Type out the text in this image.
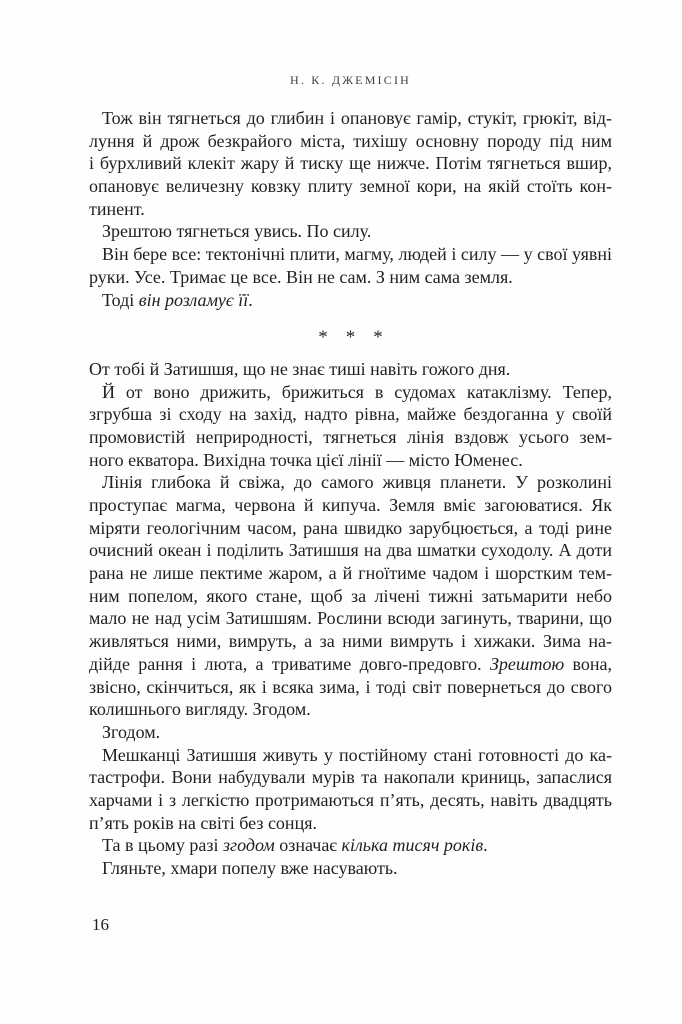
Н. К. ДЖЕМІСІН
Тож він тягнеться до глибин і опановує гамір, стукіт, грюкіт, від-
луння й дрож безкрайого міста, тихішу основну породу під ним
і бурхливий клекіт жару й тиску ще нижче. Потім тягнеться вшир,
опановує величезну ковзку плиту земної кори, на якій стоїть кон-
тинент.
Зрештою тягнеться увись. По силу.
Він бере все: тектонічні плити, магму, людей і силу — у свої уявні
руки. Усе. Тримає це все. Він не сам. З ним сама земля.
Тоді він розламує її.
* * *
От тобі й Затишшя, що не знає тиші навіть гожого дня.
Й от воно дрижить, брижиться в судомах катаклізму. Тепер,
згрубша зі сходу на захід, надто рівна, майже бездоганна у своїй
промовистій неприродності, тягнеться лінія вздовж усього зем-
ного екватора. Вихідна точка цієї лінії — місто Юменес.
Лінія глибока й свіжа, до самого живця планети. У розколині
проступає магма, червона й кипуча. Земля вміє загоюватися. Як
міряти геологічним часом, рана швидко зарубцюється, а тоді рине
очисний океан і поділить Затишшя на два шматки суходолу. А доти
рана не лише пектиме жаром, а й гноїтиме чадом і шорстким тем-
ним попелом, якого стане, щоб за лічені тижні затьмарити небо
мало не над усім Затишшям. Рослини всюди загинуть, тварини, що
живляться ними, вимруть, а за ними вимруть і хижаки. Зима на-
дійде рання і люта, а триватиме довго-предовго. Зрештою вона,
звісно, скінчиться, як і всяка зима, і тоді світ повернеться до свого
колишнього вигляду. Згодом.
Згодом.
Мешканці Затишшя живуть у постійному стані готовності до ка-
тастрофи. Вони набудували мурів та накопали криниць, запаслися
харчами і з легкістю протримаються п’ять, десять, навіть двадцять
п’ять років на світі без сонця.
Та в цьому разі згодом означає кілька тисяч років.
Гляньте, хмари попелу вже насувають.
16
